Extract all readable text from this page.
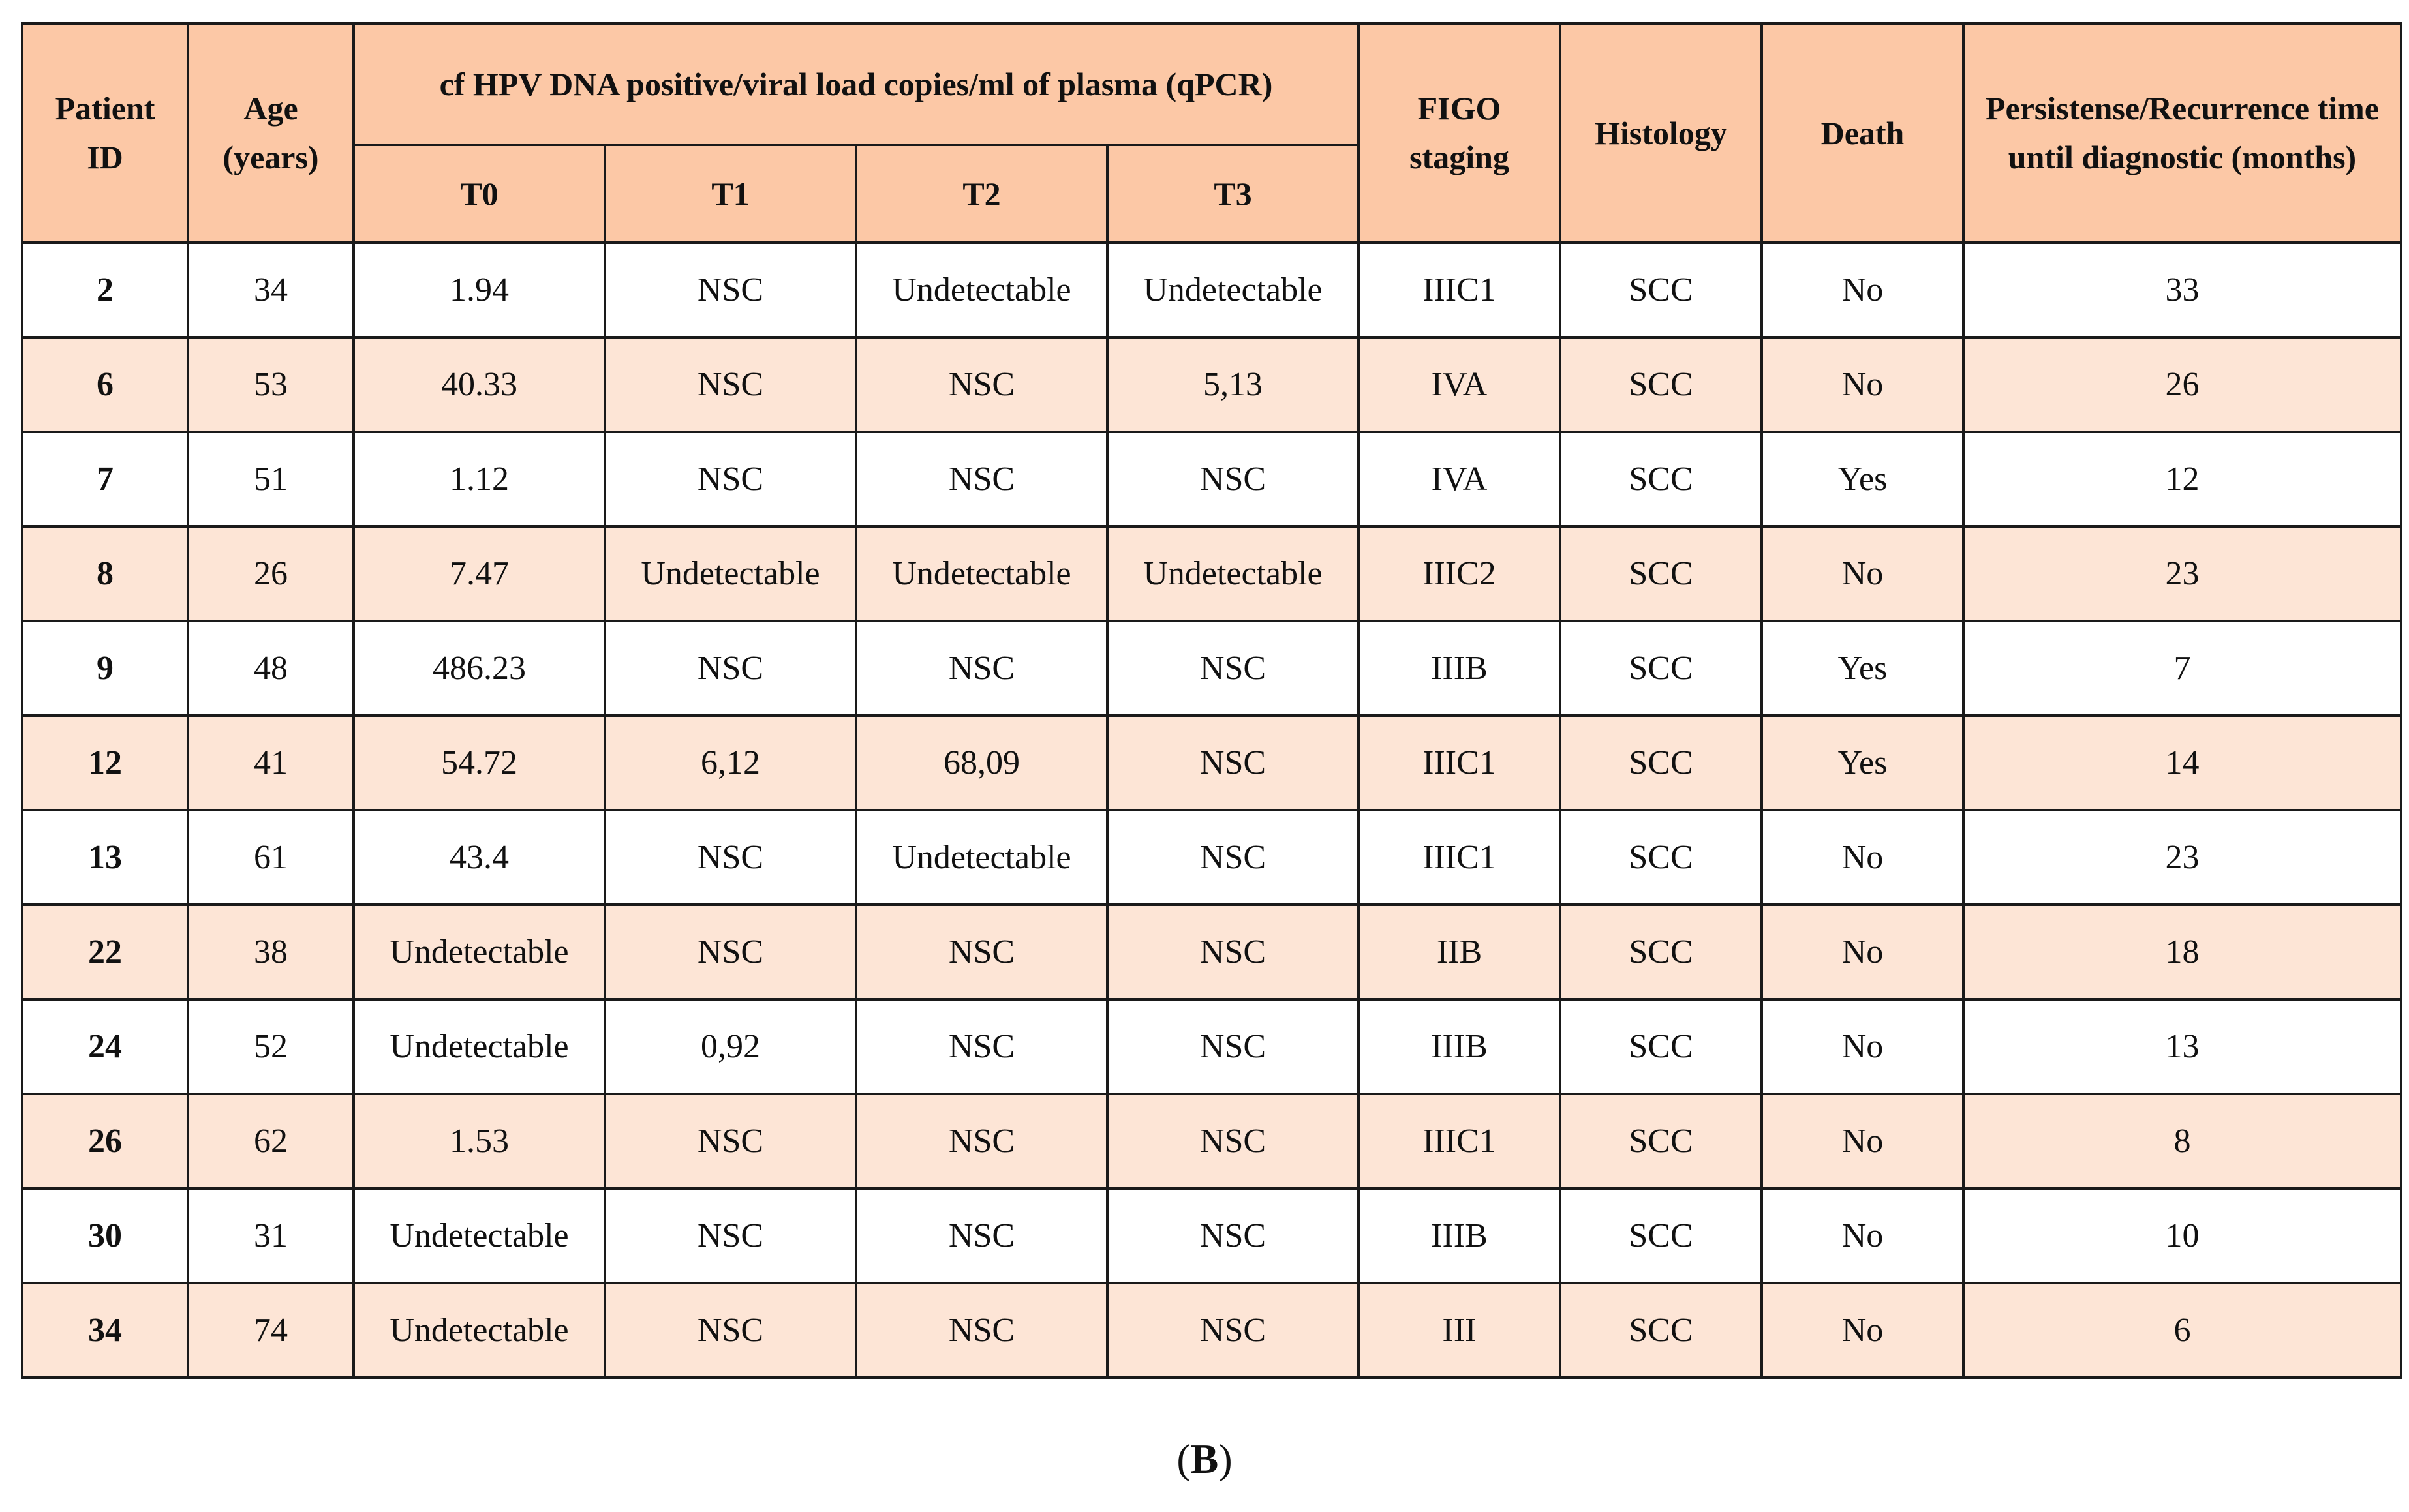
Patient ID	Age (years)	cf HPV DNA positive/viral load copies/ml of plasma (qPCR)				FIGO staging	Histology	Death	Persistense/Recurrence time until diagnostic (months)
		T0	T1	T2	T3				
2	34	1.94	NSC	Undetectable	Undetectable	IIIC1	SCC	No	33
6	53	40.33	NSC	NSC	5,13	IVA	SCC	No	26
7	51	1.12	NSC	NSC	NSC	IVA	SCC	Yes	12
8	26	7.47	Undetectable	Undetectable	Undetectable	IIIC2	SCC	No	23
9	48	486.23	NSC	NSC	NSC	IIIB	SCC	Yes	7
12	41	54.72	6,12	68,09	NSC	IIIC1	SCC	Yes	14
13	61	43.4	NSC	Undetectable	NSC	IIIC1	SCC	No	23
22	38	Undetectable	NSC	NSC	NSC	IIB	SCC	No	18
24	52	Undetectable	0,92	NSC	NSC	IIIB	SCC	No	13
26	62	1.53	NSC	NSC	NSC	IIIC1	SCC	No	8
30	31	Undetectable	NSC	NSC	NSC	IIIB	SCC	No	10
34	74	Undetectable	NSC	NSC	NSC	III	SCC	No	6
(B)
